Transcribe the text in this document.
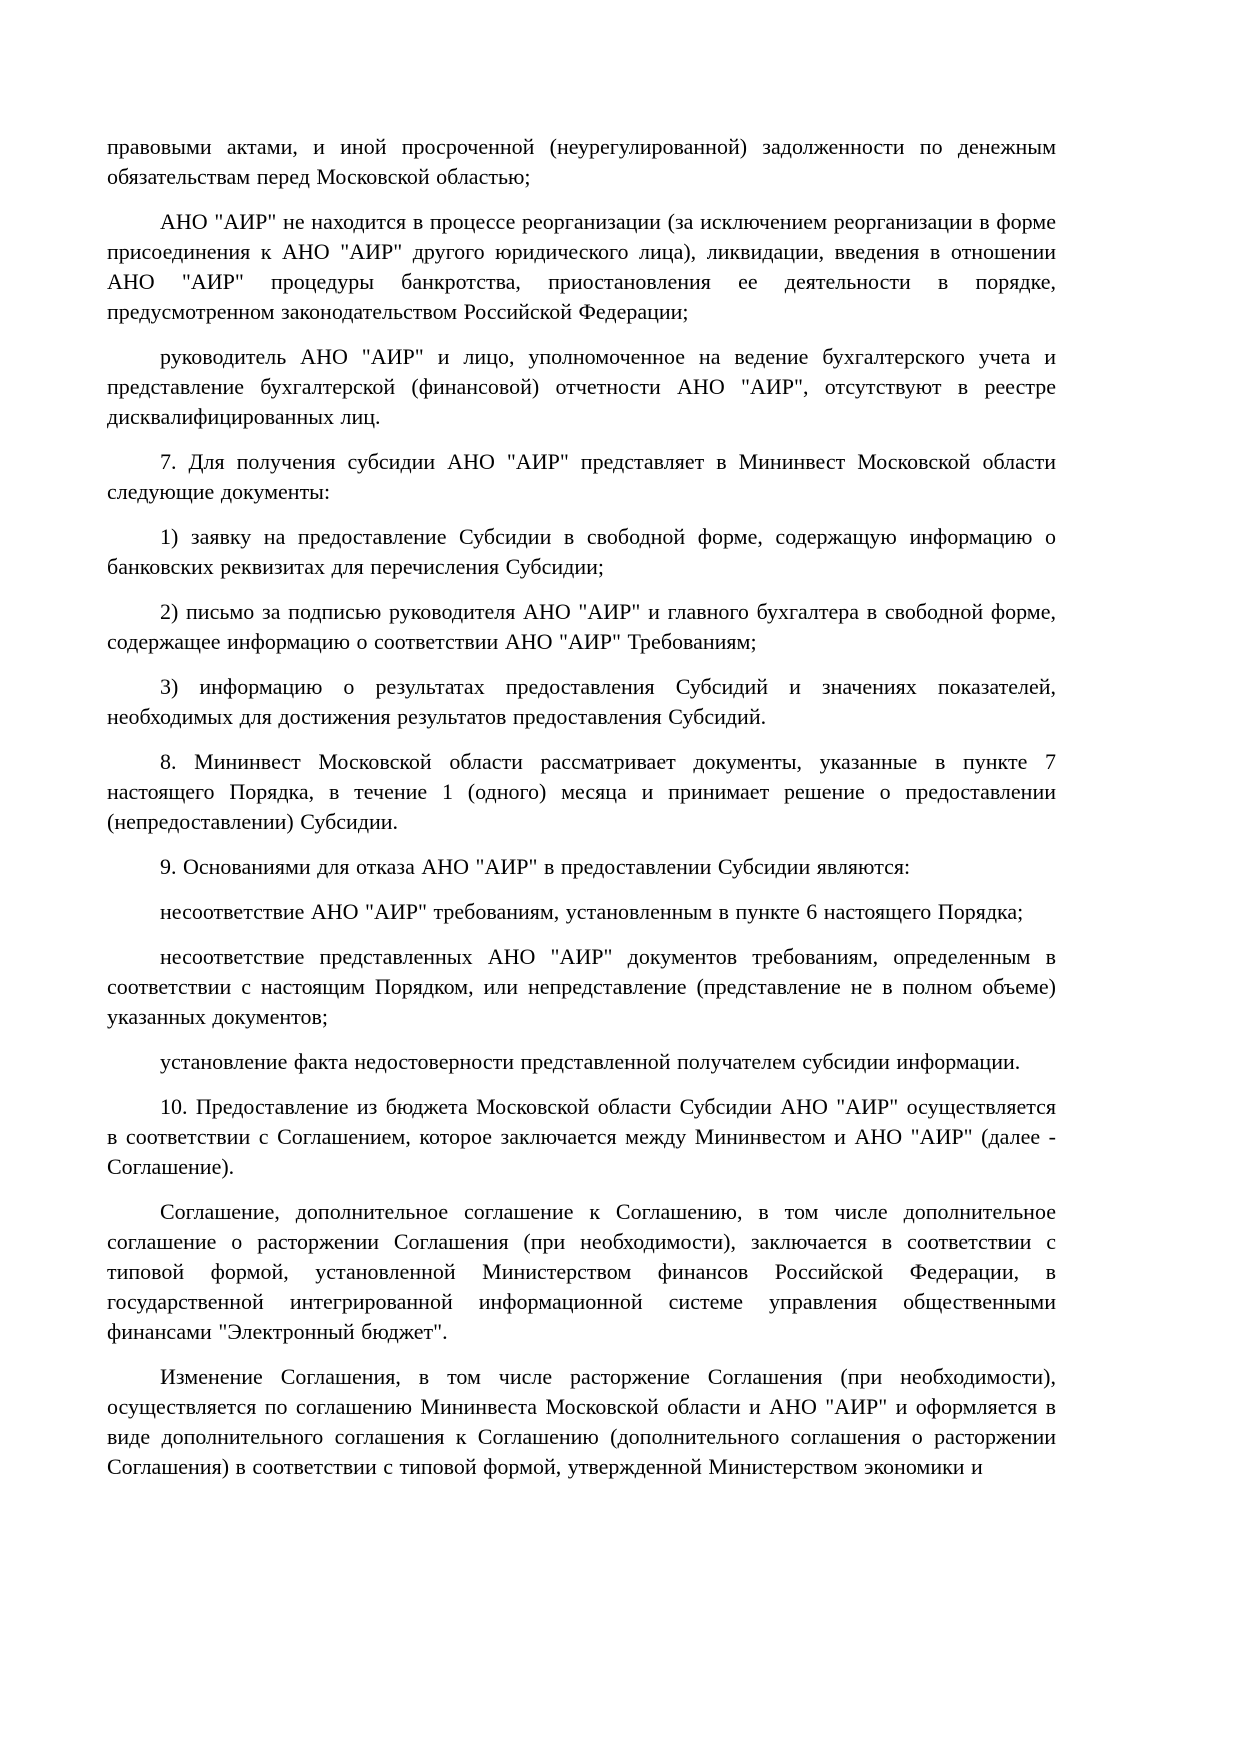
правовыми актами, и иной просроченной (неурегулированной) задолженности по денежным обязательствам перед Московской областью;

АНО "АИР" не находится в процессе реорганизации (за исключением реорганизации в форме присоединения к АНО "АИР" другого юридического лица), ликвидации, введения в отношении АНО "АИР" процедуры банкротства, приостановления ее деятельности в порядке, предусмотренном законодательством Российской Федерации;

руководитель АНО "АИР" и лицо, уполномоченное на ведение бухгалтерского учета и представление бухгалтерской (финансовой) отчетности АНО "АИР", отсутствуют в реестре дисквалифицированных лиц.

7. Для получения субсидии АНО "АИР" представляет в Мининвест Московской области следующие документы:

1) заявку на предоставление Субсидии в свободной форме, содержащую информацию о банковских реквизитах для перечисления Субсидии;

2) письмо за подписью руководителя АНО "АИР" и главного бухгалтера в свободной форме, содержащее информацию о соответствии АНО "АИР" Требованиям;

3) информацию о результатах предоставления Субсидий и значениях показателей, необходимых для достижения результатов предоставления Субсидий.

8. Мининвест Московской области рассматривает документы, указанные в пункте 7 настоящего Порядка, в течение 1 (одного) месяца и принимает решение о предоставлении (непредоставлении) Субсидии.

9. Основаниями для отказа АНО "АИР" в предоставлении Субсидии являются:

несоответствие АНО "АИР" требованиям, установленным в пункте 6 настоящего Порядка;

несоответствие представленных АНО "АИР" документов требованиям, определенным в соответствии с настоящим Порядком, или непредставление (представление не в полном объеме) указанных документов;

установление факта недостоверности представленной получателем субсидии информации.

10. Предоставление из бюджета Московской области Субсидии АНО "АИР" осуществляется в соответствии с Соглашением, которое заключается между Мининвестом и АНО "АИР" (далее - Соглашение).

Соглашение, дополнительное соглашение к Соглашению, в том числе дополнительное соглашение о расторжении Соглашения (при необходимости), заключается в соответствии с типовой формой, установленной Министерством финансов Российской Федерации, в государственной интегрированной информационной системе управления общественными финансами "Электронный бюджет".

Изменение Соглашения, в том числе расторжение Соглашения (при необходимости), осуществляется по соглашению Мининвеста Московской области и АНО "АИР" и оформляется в виде дополнительного соглашения к Соглашению (дополнительного соглашения о расторжении Соглашения) в соответствии с типовой формой, утвержденной Министерством экономики и
